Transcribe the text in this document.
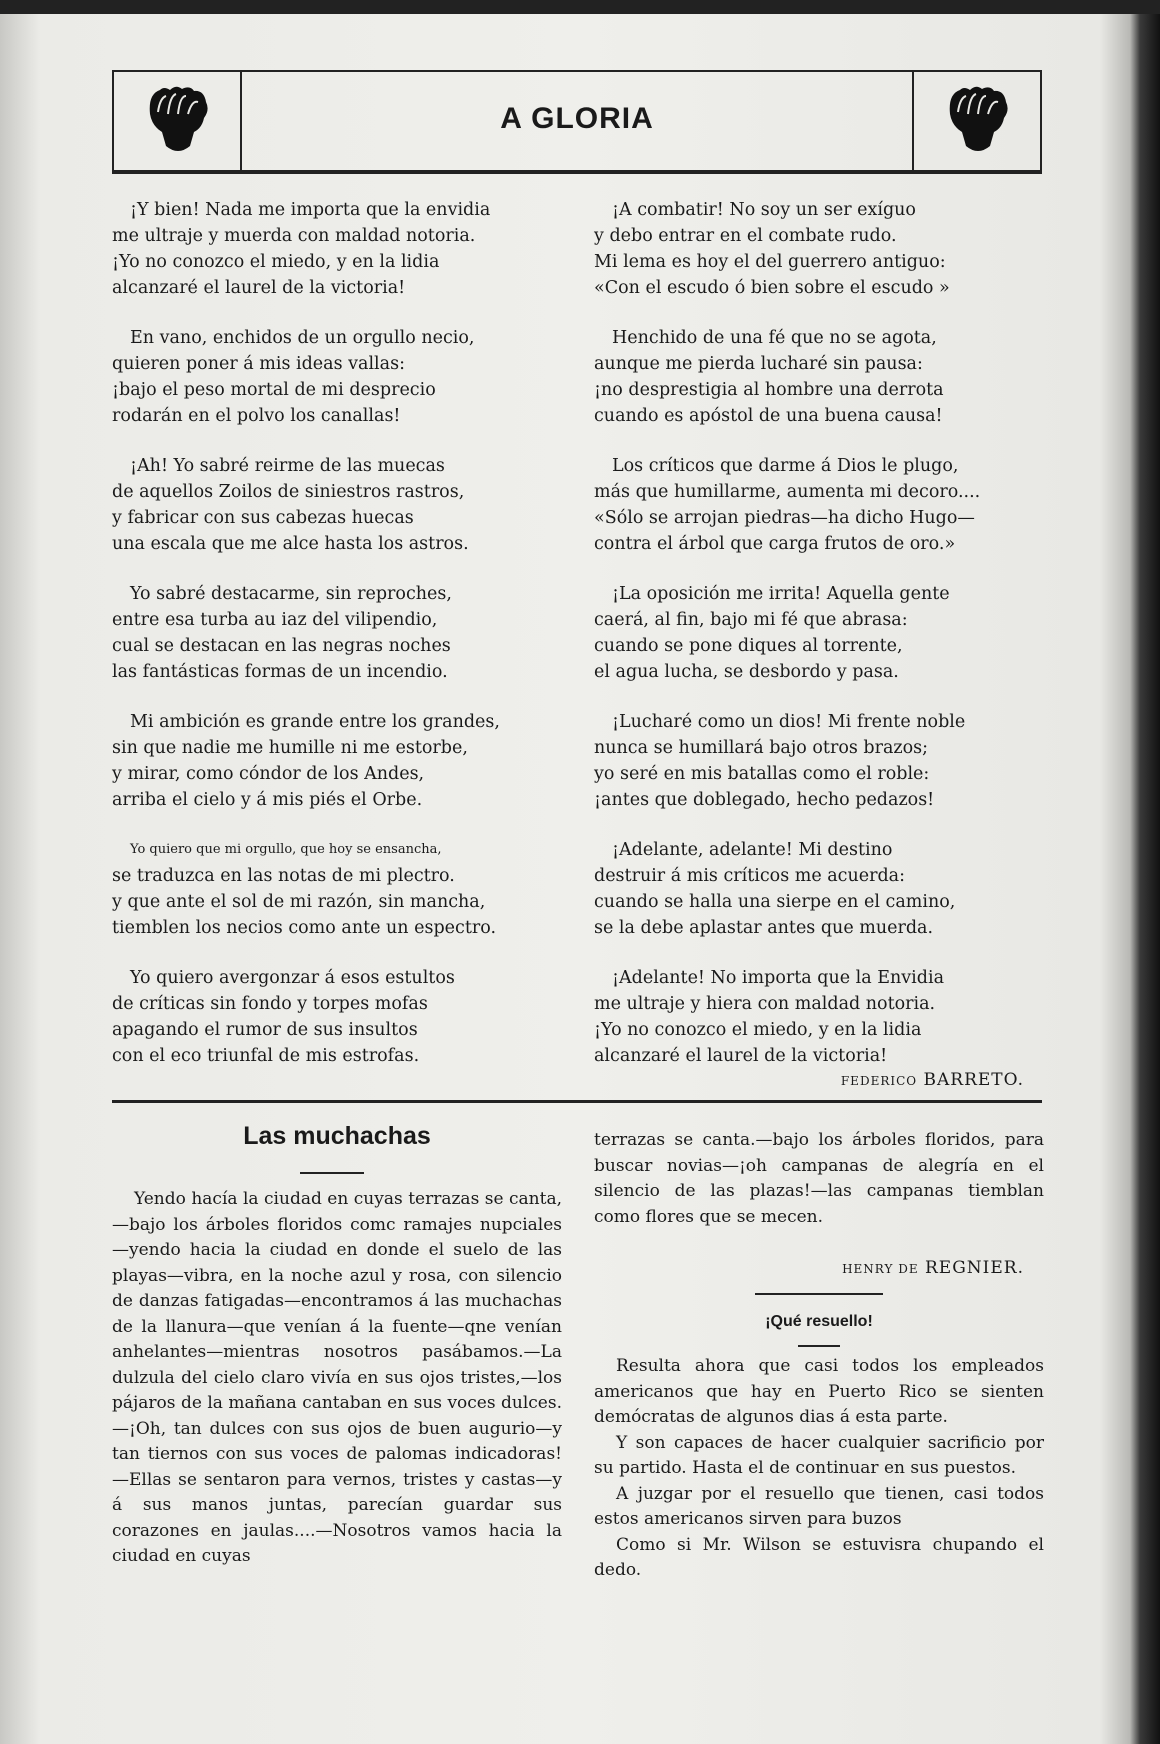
A GLORIA
¡Y bien! Nada me importa que la envidia
me ultraje y muerda con maldad notoria.
¡Yo no conozco el miedo, y en la lidia
alcanzaré el laurel de la victoria!
En vano, enchidos de un orgullo necio,
quieren poner á mis ideas vallas:
¡bajo el peso mortal de mi desprecio
rodarán en el polvo los canallas!
¡Ah! Yo sabré reirme de las muecas
de aquellos Zoilos de siniestros rastros,
y fabricar con sus cabezas huecas
una escala que me alce hasta los astros.
Yo sabré destacarme, sin reproches,
entre esa turba au iaz del vilipendio,
cual se destacan en las negras noches
las fantásticas formas de un incendio.
Mi ambición es grande entre los grandes,
sin que nadie me humille ni me estorbe,
y mirar, como cóndor de los Andes,
arriba el cielo y á mis piés el Orbe.
Yo quiero que mi orgullo, que hoy se ensancha,
se traduzca en las notas de mi plectro.
y que ante el sol de mi razón, sin mancha,
tiemblen los necios como ante un espectro.
Yo quiero avergonzar á esos estultos
de críticas sin fondo y torpes mofas
apagando el rumor de sus insultos
con el eco triunfal de mis estrofas.
¡A combatir! No soy un ser exíguo
y debo entrar en el combate rudo.
Mi lema es hoy el del guerrero antiguo:
«Con el escudo ó bien sobre el escudo »
Henchido de una fé que no se agota,
aunque me pierda lucharé sin pausa:
¡no desprestigia al hombre una derrota
cuando es apóstol de una buena causa!
Los críticos que darme á Dios le plugo,
más que humillarme, aumenta mi decoro....
«Sólo se arrojan piedras—ha dicho Hugo—
contra el árbol que carga frutos de oro.»
¡La oposición me irrita! Aquella gente
caerá, al fin, bajo mi fé que abrasa:
cuando se pone diques al torrente,
el agua lucha, se desbordo y pasa.
¡Lucharé como un dios! Mi frente noble
nunca se humillará bajo otros brazos;
yo seré en mis batallas como el roble:
¡antes que doblegado, hecho pedazos!
¡Adelante, adelante! Mi destino
destruir á mis críticos me acuerda:
cuando se halla una sierpe en el camino,
se la debe aplastar antes que muerda.
¡Adelante! No importa que la Envidia
me ultraje y hiera con maldad notoria.
¡Yo no conozco el miedo, y en la lidia
alcanzaré el laurel de la victoria!
FEDERICO BARRETO.
Las muchachas

Yendo hacía la ciudad en cuyas terrazas se canta,—bajo los árboles floridos comc ramajes nupciales—yendo hacia la ciudad en donde el suelo de las playas—vibra, en la noche azul y rosa, con silencio de danzas fatigadas—encontramos á las muchachas de la llanura—que venían á la fuente—qne venían anhelantes—mientras nosotros pasábamos.—La dulzula del cielo claro vivía en sus ojos tristes,—los pájaros de la mañana cantaban en sus voces dulces.—¡Oh, tan dulces con sus ojos de buen augurio—y tan tiernos con sus voces de palomas indicadoras!—Ellas se sentaron para vernos, tristes y castas—y á sus manos juntas, parecían guardar sus corazones en jaulas....—Nosotros vamos hacia la ciudad en cuyas

terrazas se canta.—bajo los árboles floridos, para buscar novias—¡oh campanas de alegría en el silencio de las plazas!—las campanas tiemblan como flores que se mecen.

HENRY DE REGNIER.
¡Qué resuello!

Resulta ahora que casi todos los empleados americanos que hay en Puerto Rico se sienten demócratas de algunos dias á esta parte.

Y son capaces de hacer cualquier sacrificio por su partido. Hasta el de continuar en sus puestos.

A juzgar por el resuello que tienen, casi todos estos americanos sirven para buzos

Como si Mr. Wilson se estuvisra chupando el dedo.
